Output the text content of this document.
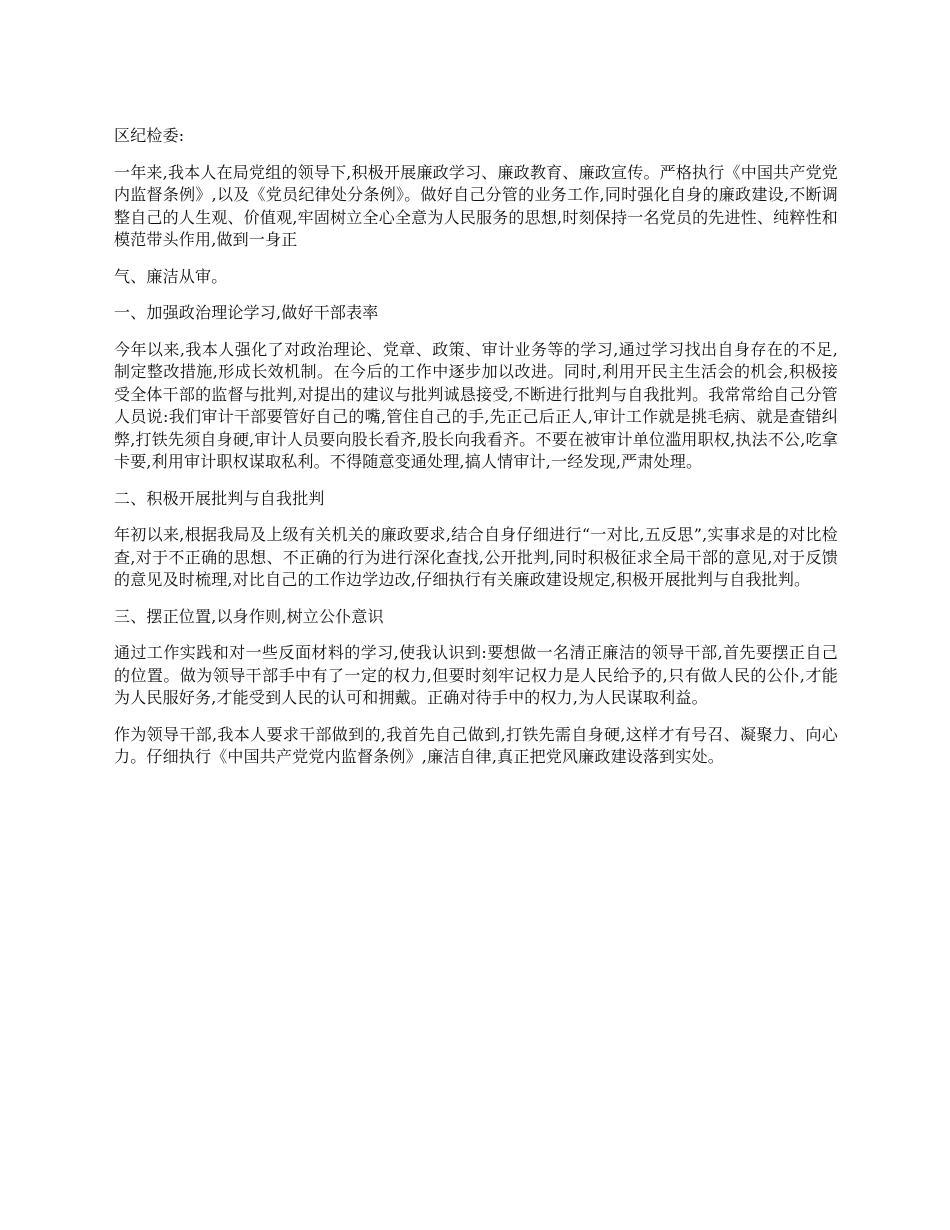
区纪检委:

一年来,我本人在局党组的领导下,积极开展廉政学习、廉政教育、廉政宣传。严格执行《中国共产党党内监督条例》,以及《党员纪律处分条例》。做好自己分管的业务工作,同时强化自身的廉政建设,不断调整自己的人生观、价值观,牢固树立全心全意为人民服务的思想,时刻保持一名党员的先进性、纯粹性和模范带头作用,做到一身正

气、廉洁从审。

一、加强政治理论学习,做好干部表率

今年以来,我本人强化了对政治理论、党章、政策、审计业务等的学习,通过学习找出自身存在的不足,制定整改措施,形成长效机制。在今后的工作中逐步加以改进。同时,利用开民主生活会的机会,积极接受全体干部的监督与批判,对提出的建议与批判诚恳接受,不断进行批判与自我批判。我常常给自己分管人员说:我们审计干部要管好自己的嘴,管住自己的手,先正己后正人,审计工作就是挑毛病、就是查错纠弊,打铁先须自身硬,审计人员要向股长看齐,股长向我看齐。不要在被审计单位滥用职权,执法不公,吃拿卡要,利用审计职权谋取私利。不得随意变通处理,搞人情审计,一经发现,严肃处理。

二、积极开展批判与自我批判

年初以来,根据我局及上级有关机关的廉政要求,结合自身仔细进行“一对比,五反思”,实事求是的对比检查,对于不正确的思想、不正确的行为进行深化查找,公开批判,同时积极征求全局干部的意见,对于反馈的意见及时梳理,对比自己的工作边学边改,仔细执行有关廉政建设规定,积极开展批判与自我批判。

三、摆正位置,以身作则,树立公仆意识

通过工作实践和对一些反面材料的学习,使我认识到:要想做一名清正廉洁的领导干部,首先要摆正自己的位置。做为领导干部手中有了一定的权力,但要时刻牢记权力是人民给予的,只有做人民的公仆,才能为人民服好务,才能受到人民的认可和拥戴。正确对待手中的权力,为人民谋取利益。

作为领导干部,我本人要求干部做到的,我首先自己做到,打铁先需自身硬,这样才有号召、凝聚力、向心力。仔细执行《中国共产党党内监督条例》,廉洁自律,真正把党风廉政建设落到实处。
